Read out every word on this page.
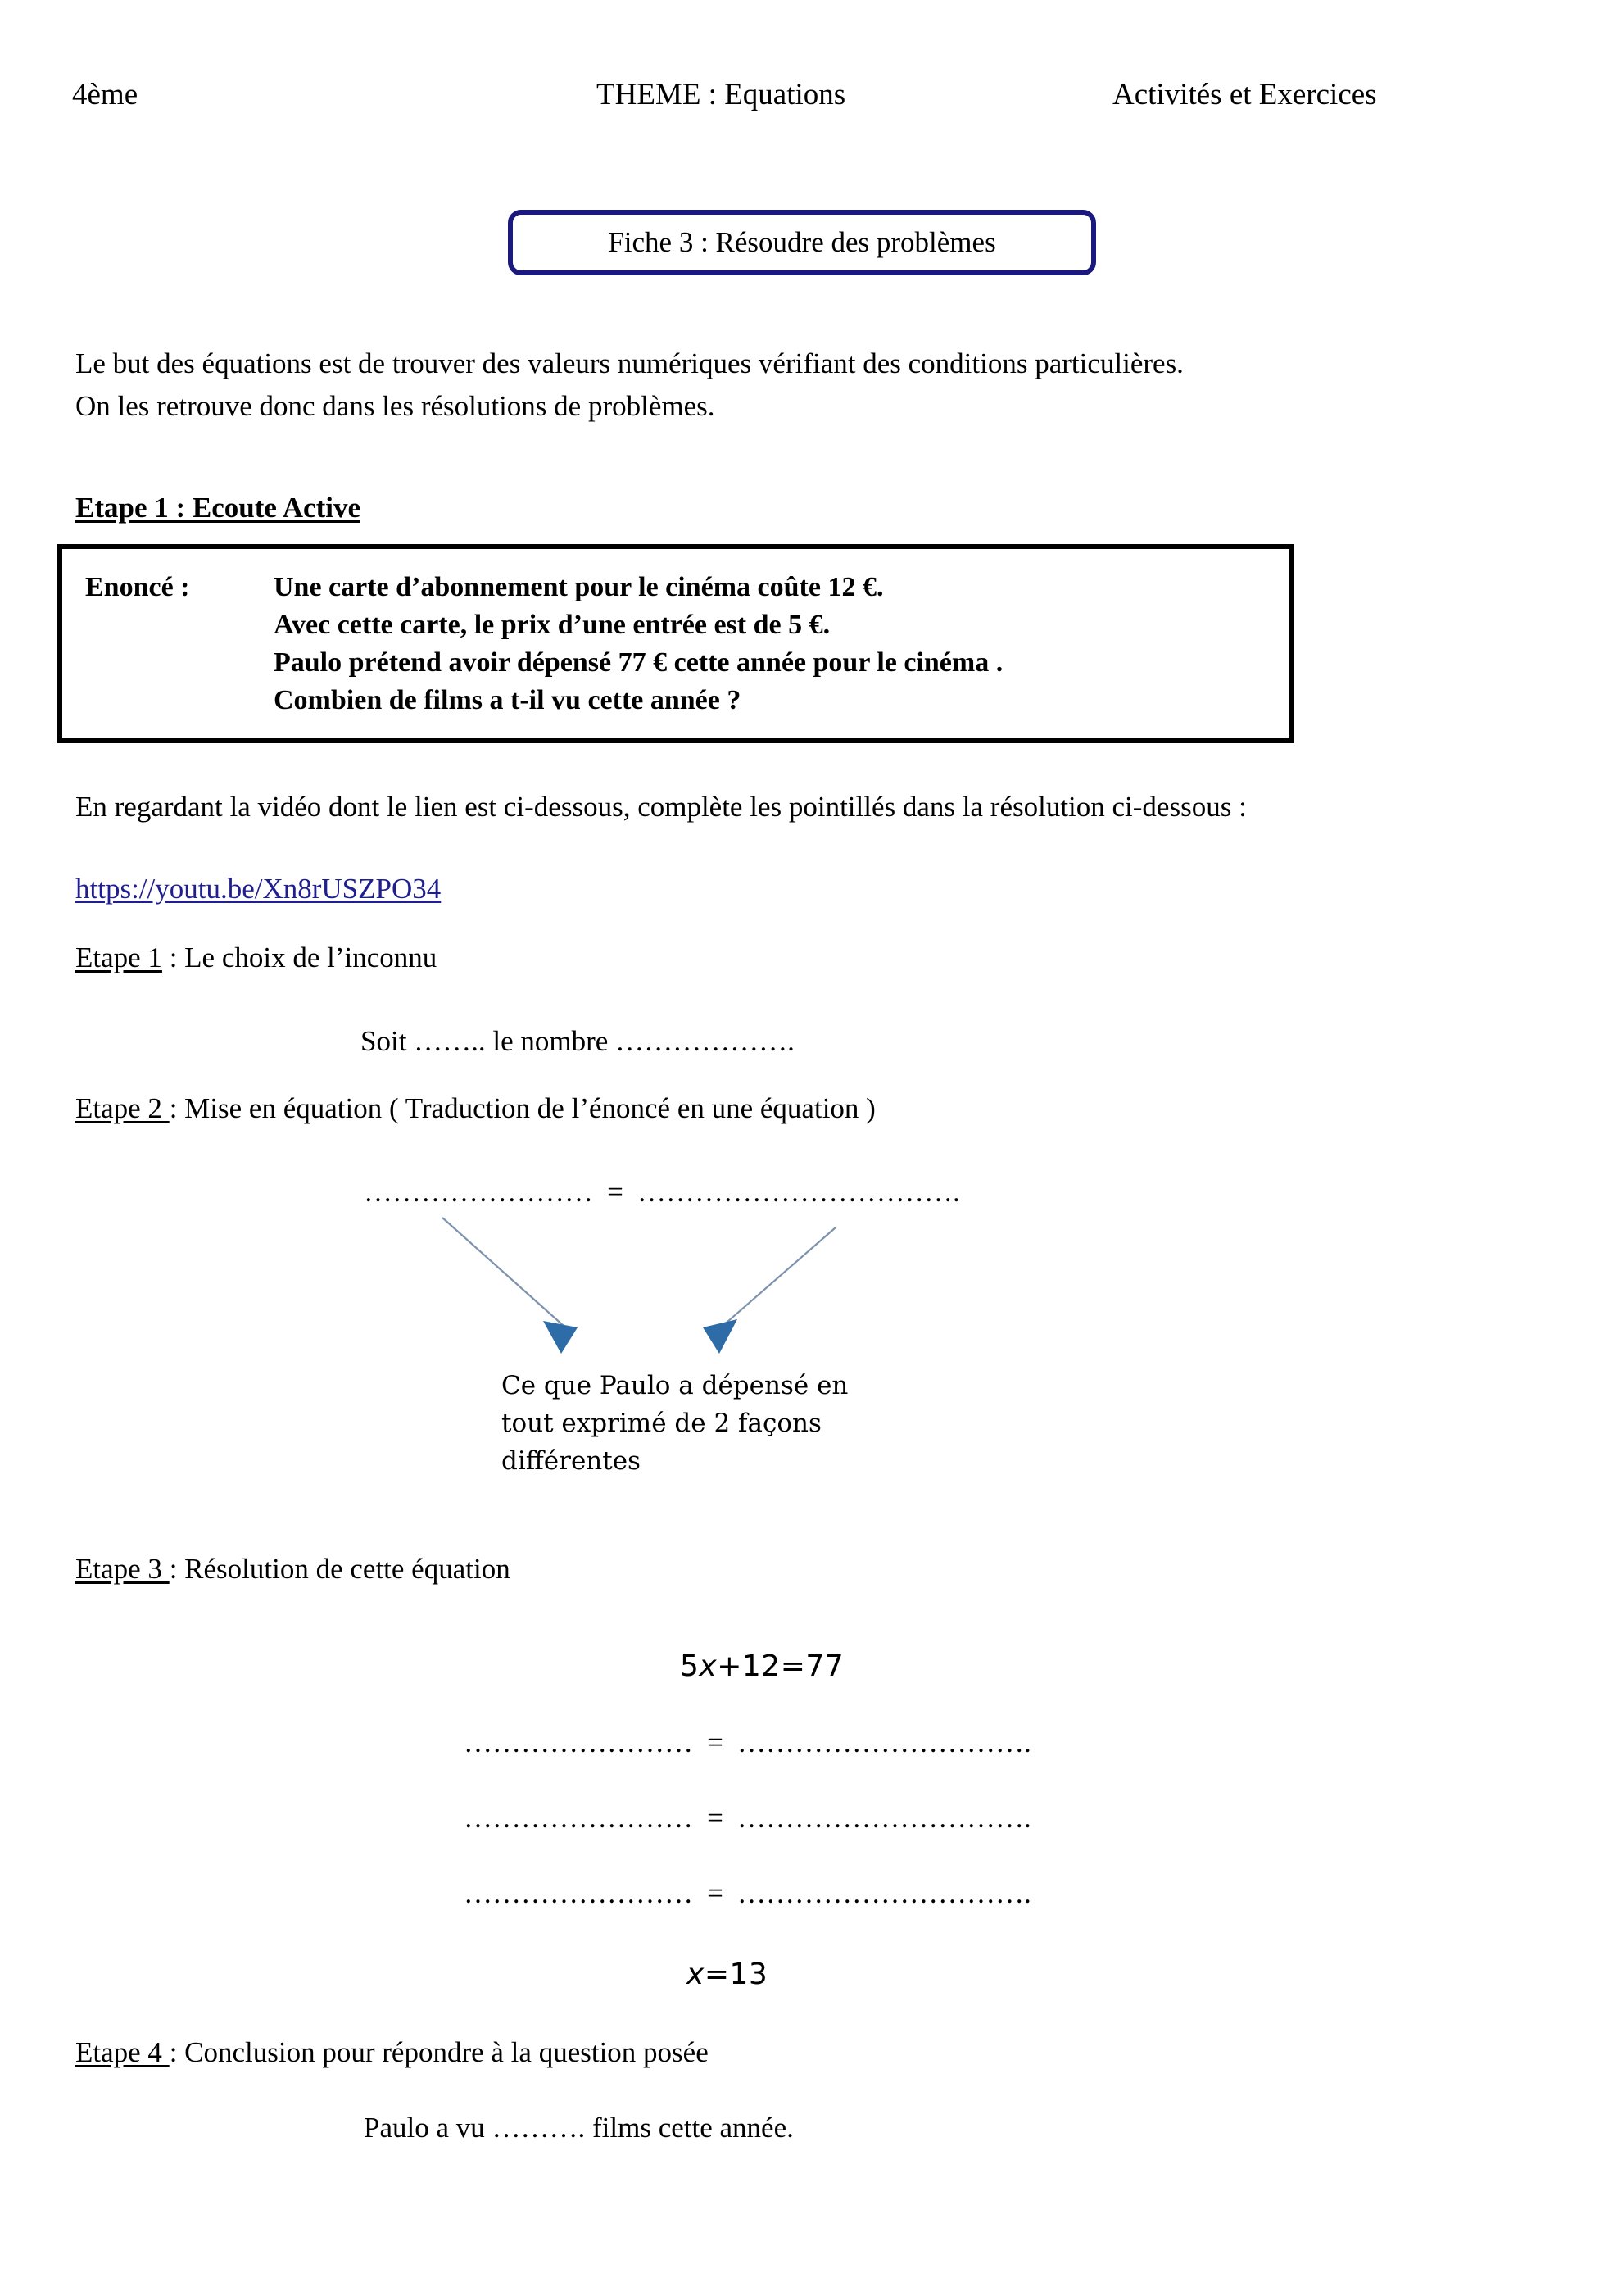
4ème	THEME : Equations	Activités et Exercices
Fiche 3 : Résoudre des problèmes
Le but des équations est de trouver des valeurs numériques vérifiant des conditions particulières.
On les retrouve donc dans les résolutions de problèmes.
Etape 1 : Ecoute Active
Enoncé :	Une carte d’abonnement pour le cinéma coûte 12 €.
Avec cette carte, le prix d’une entrée est de 5 €.
Paulo prétend avoir dépensé 77 € cette année pour le cinéma .
Combien de films a t-il vu cette année ?
En regardant la vidéo dont le lien est ci-dessous, complète les pointillés dans la résolution ci-dessous :
https://youtu.be/Xn8rUSZPO34
Etape 1 : Le choix de l’inconnu
Soit …….. le nombre ……………….
Etape 2 : Mise en équation ( Traduction de l’énoncé en une équation )
…………………… = …………………………….
Ce que Paulo a dépensé en tout exprimé de 2 façons différentes
Etape 3 : Résolution de cette équation
5x+12=77
…………………… = ………………………….
…………………… = ………………………….
…………………… = ………………………….
x=13
Etape 4 : Conclusion pour répondre à la question posée
Paulo a vu ………. films cette année.
